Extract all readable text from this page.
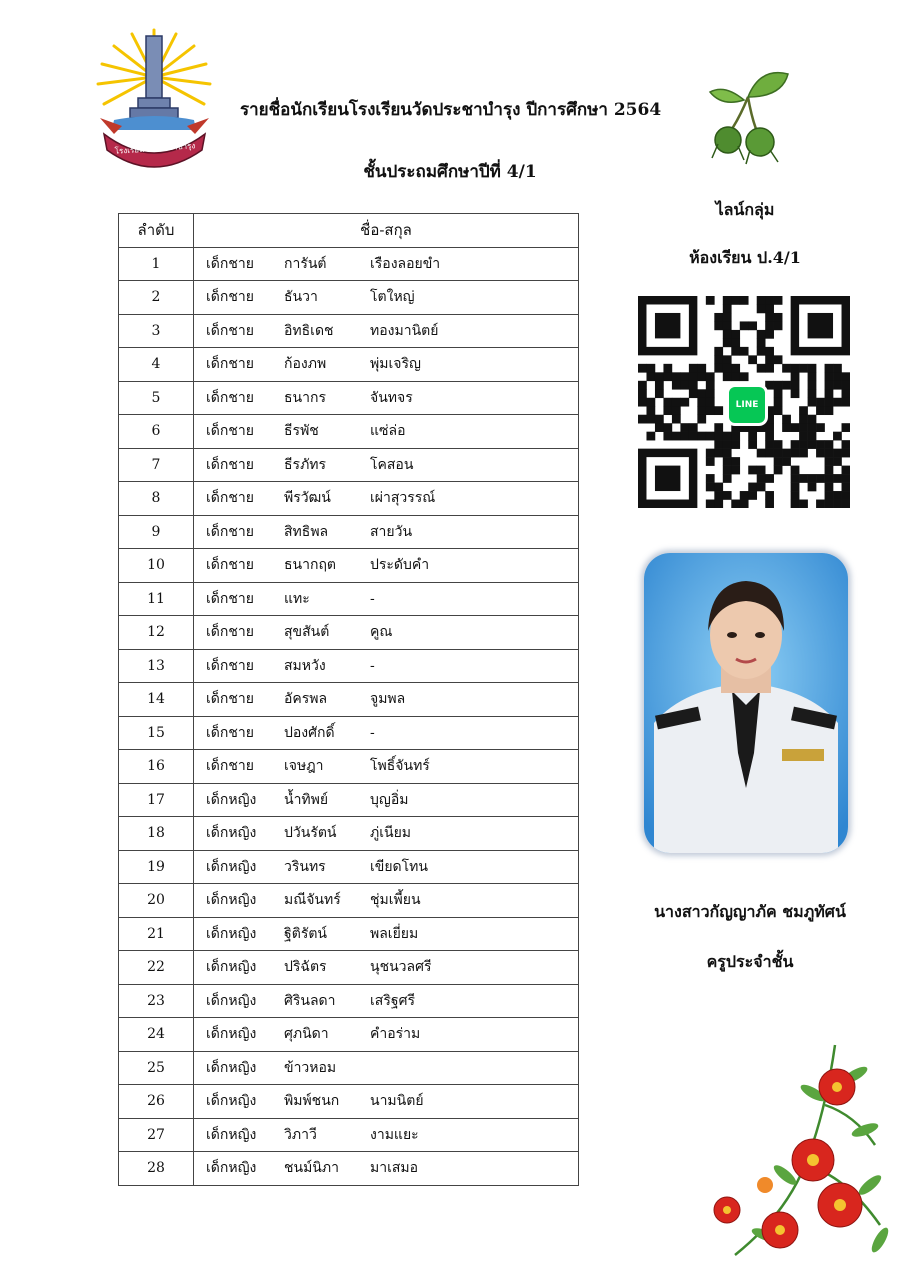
โรงเรียนวัดประชาบำรุง
รายชื่อนักเรียนโรงเรียนวัดประชาบำรุง ปีการศึกษา 2564
ชั้นประถมศึกษาปีที่ 4/1
ลำดับ	ชื่อ-สกุล
1	เด็กชาย การันต์ เรืองลอยขำ

2	เด็กชาย ธันวา โตใหญ่

3	เด็กชาย อิทธิเดช ทองมานิตย์

4	เด็กชาย ก้องภพ พุ่มเจริญ

5	เด็กชาย ธนากร จันทจร

6	เด็กชาย ธีรพัช แซ่ล่อ

7	เด็กชาย ธีรภัทร โคสอน

8	เด็กชาย พีรวัฒน์ เผ่าสุวรรณ์

9	เด็กชาย สิทธิพล สายวัน

10	เด็กชาย ธนากฤต ประดับคำ

11	เด็กชาย แทะ -

12	เด็กชาย สุขสันต์ คูณ

13	เด็กชาย สมหวัง -

14	เด็กชาย อัครพล จูมพล

15	เด็กชาย ปองศักดิ์ -

16	เด็กชาย เจษฎา โพธิ์จันทร์

17	เด็กหญิง น้ำทิพย์ บุญอิ่ม

18	เด็กหญิง ปวันรัตน์ ภู่เนียม

19	เด็กหญิง วรินทร เขียดโทน

20	เด็กหญิง มณีจันทร์ ชุ่มเพี้ยน

21	เด็กหญิง ฐิติรัตน์ พลเยี่ยม

22	เด็กหญิง ปริฉัตร นุชนวลศรี

23	เด็กหญิง ศิรินลดา เสริฐศรี

24	เด็กหญิง ศุภนิดา คำอร่าม

25	เด็กหญิง ข้าวหอม

26	เด็กหญิง พิมพ์ชนก นามนิตย์

27	เด็กหญิง วิภาวี งามแยะ

28	เด็กหญิง ชนม์นิภา มาเสมอ
ไลน์กลุ่ม
ห้องเรียน ป.4/1
LINE
นางสาวกัญญาภัค ชมภูทัศน์
ครูประจำชั้น
